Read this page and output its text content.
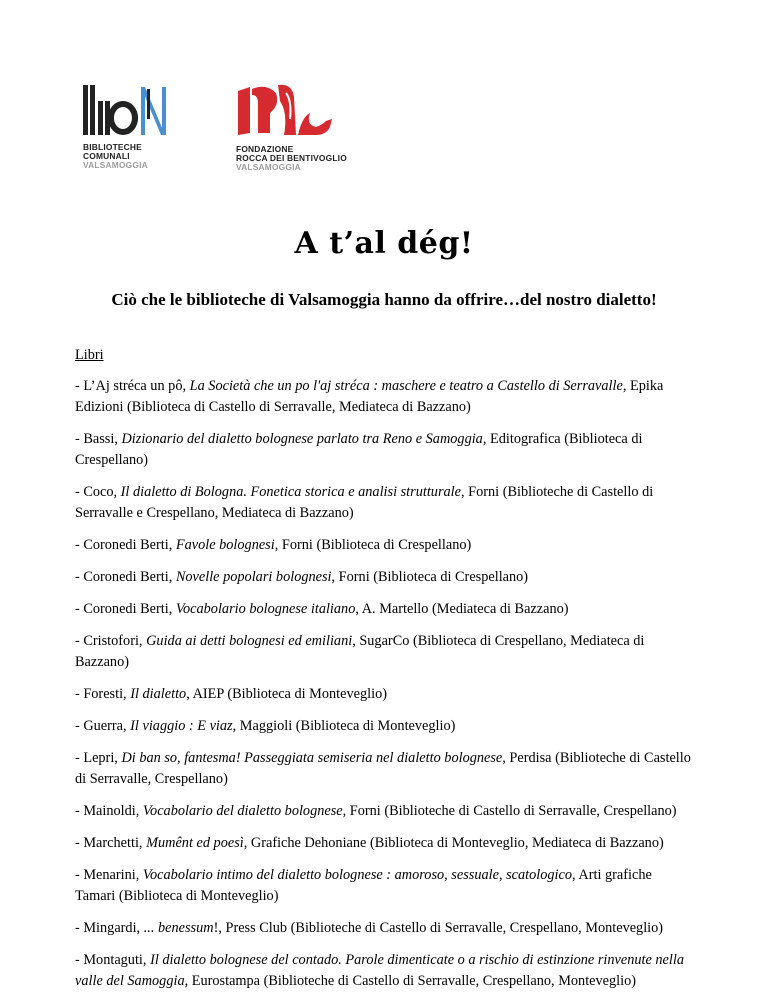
BIBLIOTECHE
COMUNALI
VALSAMOGGIA
FONDAZIONE
ROCCA DEI BENTIVOGLIO
VALSAMOGGIA
A t’al dég!

Ciò che le biblioteche di Valsamoggia hanno da offrire…del nostro dialetto!

Libri

- L’Aj stréca un pô, La Società che un po l'aj stréca : maschere e teatro a Castello di Serravalle, Epika Edizioni (Biblioteca di Castello di Serravalle, Mediateca di Bazzano)

- Bassi, Dizionario del dialetto bolognese parlato tra Reno e Samoggia, Editografica (Biblioteca di Crespellano)

- Coco, Il dialetto di Bologna. Fonetica storica e analisi strutturale, Forni (Biblioteche di Castello di Serravalle e Crespellano, Mediateca di Bazzano)

- Coronedi Berti, Favole bolognesi, Forni (Biblioteca di Crespellano)

- Coronedi Berti, Novelle popolari bolognesi, Forni (Biblioteca di Crespellano)

- Coronedi Berti, Vocabolario bolognese italiano, A. Martello (Mediateca di Bazzano)

- Cristofori, Guida ai detti bolognesi ed emiliani, SugarCo (Biblioteca di Crespellano, Mediateca di Bazzano)

- Foresti, Il dialetto, AIEP (Biblioteca di Monteveglio)

- Guerra, Il viaggio : E viaz, Maggioli (Biblioteca di Monteveglio)

- Lepri, Di ban so, fantesma! Passeggiata semiseria nel dialetto bolognese, Perdisa (Biblioteche di Castello di Serravalle, Crespellano)

- Mainoldi, Vocabolario del dialetto bolognese, Forni (Biblioteche di Castello di Serravalle, Crespellano)

- Marchetti, Mumênt ed poesì, Grafiche Dehoniane (Biblioteca di Monteveglio, Mediateca di Bazzano)

- Menarini, Vocabolario intimo del dialetto bolognese : amoroso, sessuale, scatologico, Arti grafiche Tamari (Biblioteca di Monteveglio)

- Mingardi, ... benessum!, Press Club (Biblioteche di Castello di Serravalle, Crespellano, Monteveglio)

- Montaguti, Il dialetto bolognese del contado. Parole dimenticate o a rischio di estinzione rinvenute nella valle del Samoggia, Eurostampa (Biblioteche di Castello di Serravalle, Crespellano, Monteveglio)
